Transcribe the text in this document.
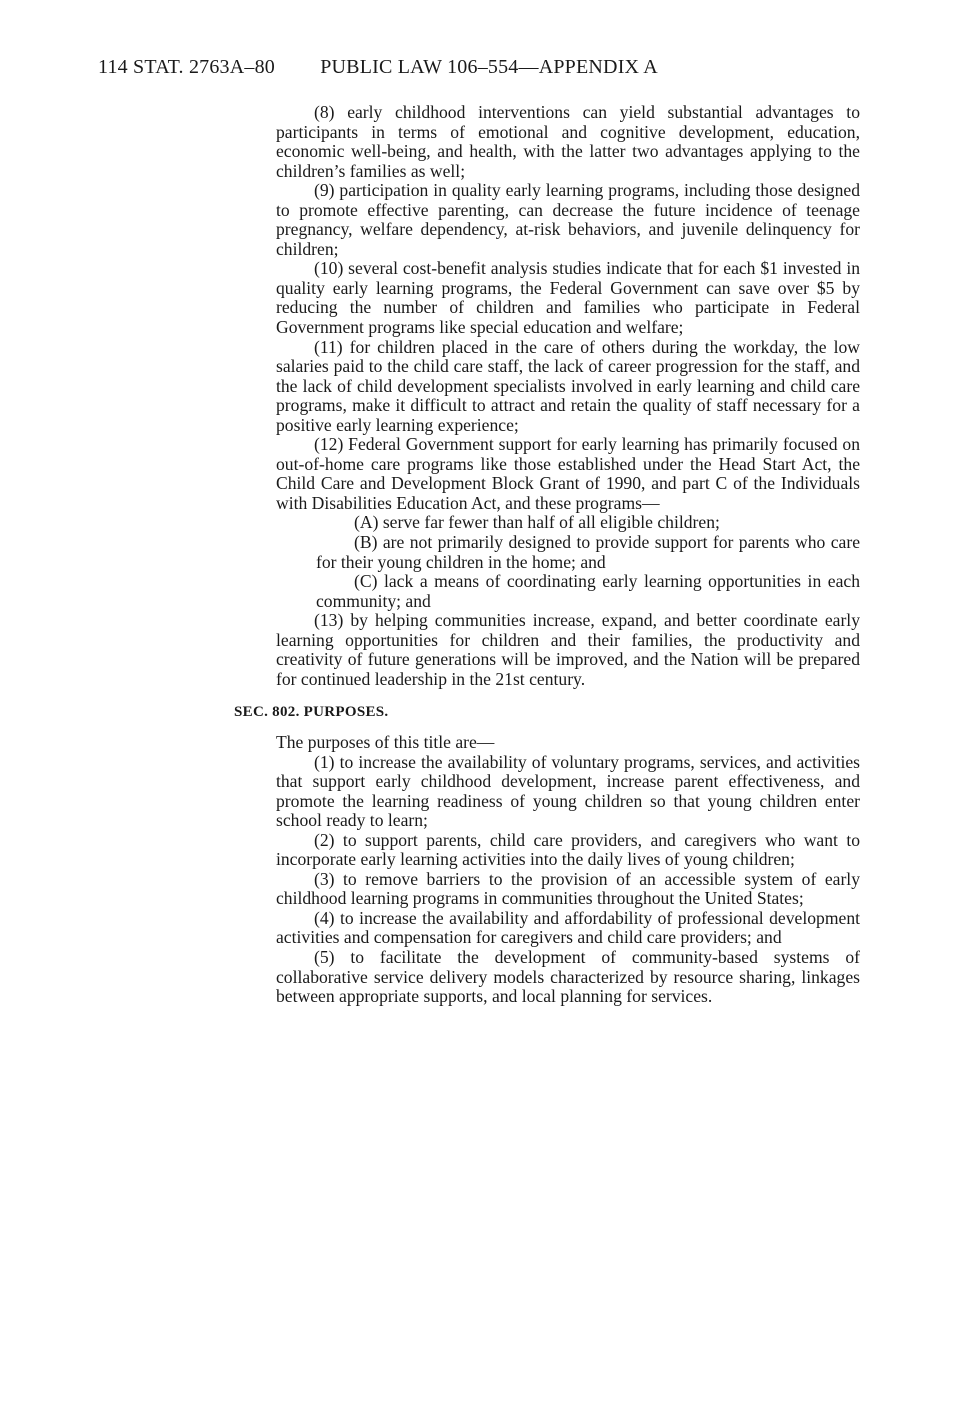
114 STAT. 2763A–80 PUBLIC LAW 106–554—APPENDIX A

(8) early childhood interventions can yield substantial advantages to participants in terms of emotional and cognitive development, education, economic well-being, and health, with the latter two advantages applying to the children’s families as well;

(9) participation in quality early learning programs, including those designed to promote effective parenting, can decrease the future incidence of teenage pregnancy, welfare dependency, at-risk behaviors, and juvenile delinquency for children;

(10) several cost-benefit analysis studies indicate that for each $1 invested in quality early learning programs, the Federal Government can save over $5 by reducing the number of children and families who participate in Federal Government programs like special education and welfare;

(11) for children placed in the care of others during the workday, the low salaries paid to the child care staff, the lack of career progression for the staff, and the lack of child development specialists involved in early learning and child care programs, make it difficult to attract and retain the quality of staff necessary for a positive early learning experience;

(12) Federal Government support for early learning has primarily focused on out-of-home care programs like those established under the Head Start Act, the Child Care and Development Block Grant of 1990, and part C of the Individuals with Disabilities Education Act, and these programs—

(A) serve far fewer than half of all eligible children;

(B) are not primarily designed to provide support for parents who care for their young children in the home; and

(C) lack a means of coordinating early learning opportunities in each community; and

(13) by helping communities increase, expand, and better coordinate early learning opportunities for children and their families, the productivity and creativity of future generations will be improved, and the Nation will be prepared for continued leadership in the 21st century.

SEC. 802. PURPOSES.

The purposes of this title are—

(1) to increase the availability of voluntary programs, services, and activities that support early childhood development, increase parent effectiveness, and promote the learning readiness of young children so that young children enter school ready to learn;

(2) to support parents, child care providers, and caregivers who want to incorporate early learning activities into the daily lives of young children;

(3) to remove barriers to the provision of an accessible system of early childhood learning programs in communities throughout the United States;

(4) to increase the availability and affordability of professional development activities and compensation for caregivers and child care providers; and

(5) to facilitate the development of community-based systems of collaborative service delivery models characterized by resource sharing, linkages between appropriate supports, and local planning for services.
